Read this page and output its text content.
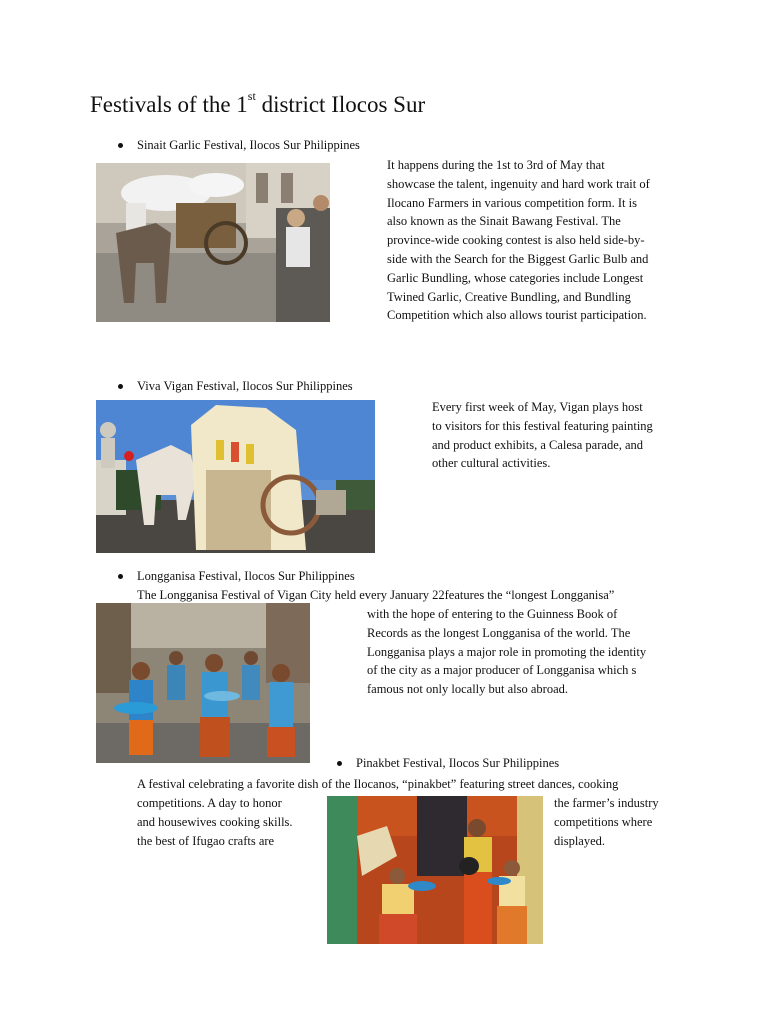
Festivals of the 1st district Ilocos Sur
Sinait Garlic Festival, Ilocos Sur Philippines
It happens during the 1st to 3rd of May that
showcase the talent, ingenuity and hard work trait of
Ilocano Farmers in various competition form. It is
also known as the Sinait Bawang Festival. The
province-wide cooking contest is also held side-by-
side with the Search for the Biggest Garlic Bulb and
Garlic Bundling, whose categories include Longest
Twined Garlic, Creative Bundling, and Bundling
Competition which also allows tourist participation.
Viva Vigan Festival, Ilocos Sur Philippines
Every first week of May, Vigan plays host
to visitors for this festival featuring painting
and product exhibits, a Calesa parade, and
other cultural activities.
Longganisa Festival, Ilocos Sur Philippines
The Longganisa Festival of Vigan City held every January 22features the “longest Longganisa”
with the hope of entering to the Guinness Book of
Records as the longest Longganisa of the world. The
Longganisa plays a major role in promoting the identity
of the city as a major producer of Longganisa which s
famous not only locally but also abroad.
Pinakbet Festival, Ilocos Sur Philippines
A festival celebrating a favorite dish of the Ilocanos, “pinakbet” featuring street dances, cooking
competitions. A day to honor
and housewives cooking skills.
the best of Ifugao crafts are
the farmer’s industry
competitions where
displayed.
